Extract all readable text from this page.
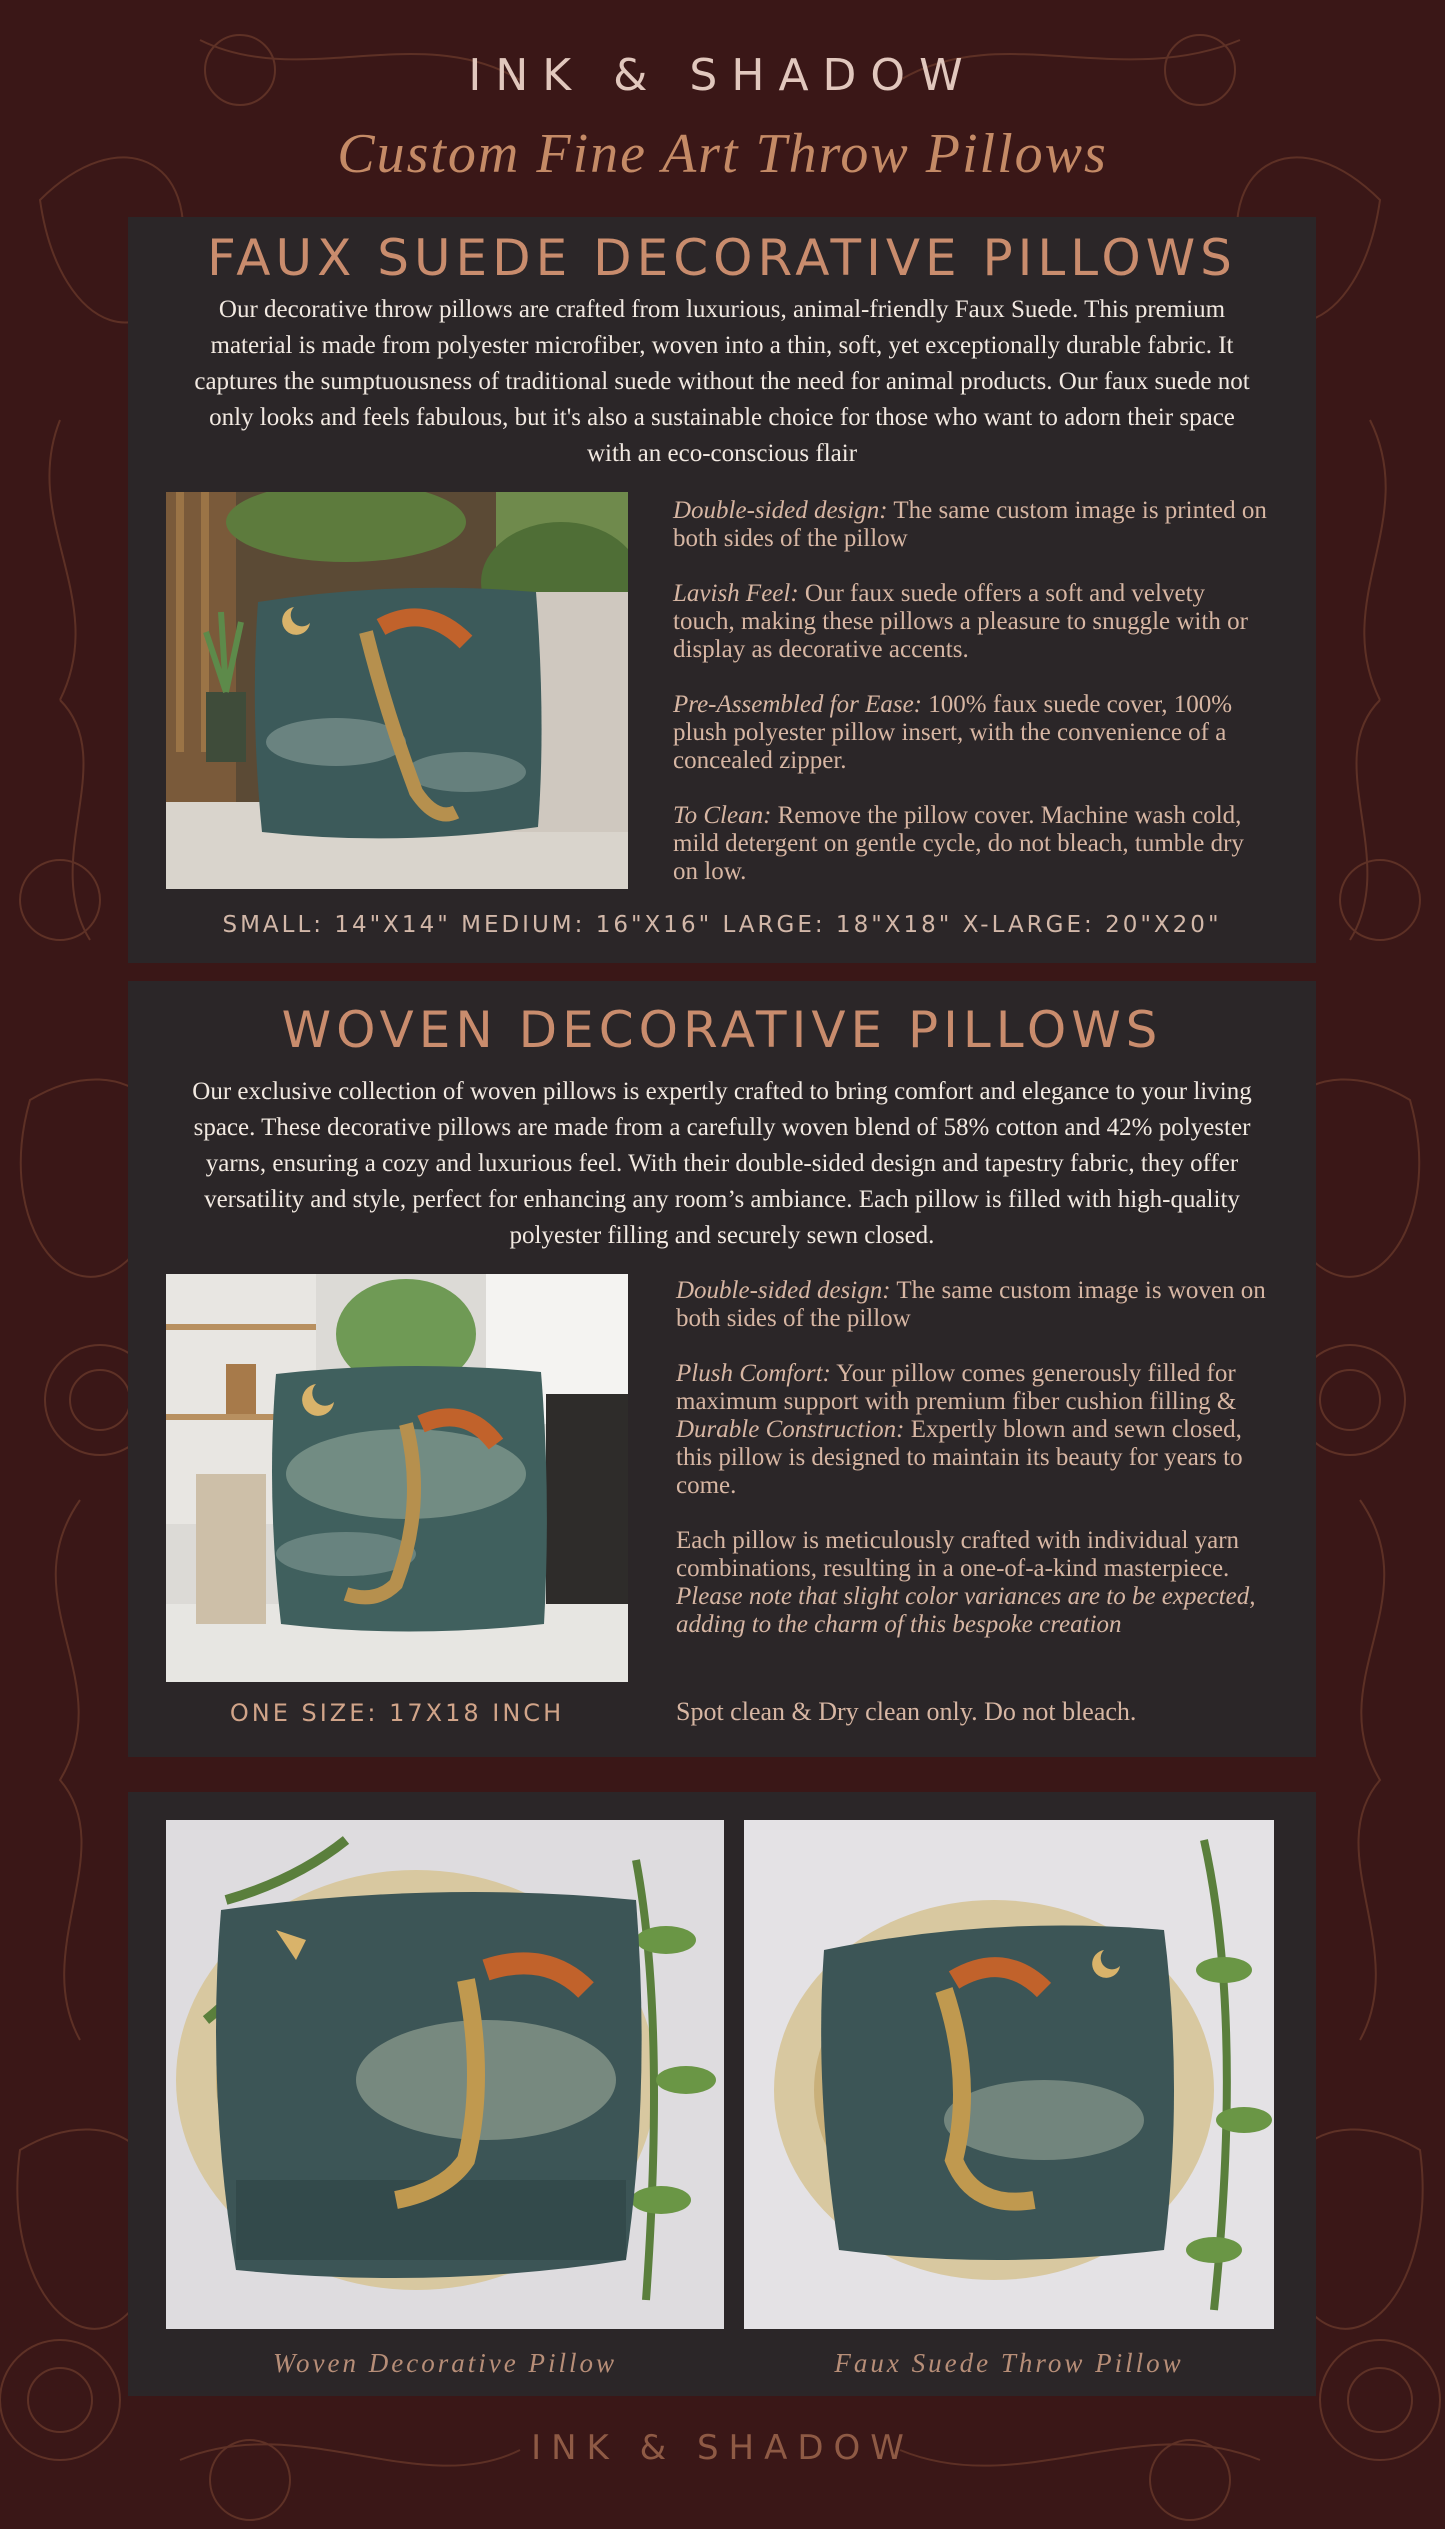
INK & SHADOW
Custom Fine Art Throw Pillows
FAUX SUEDE DECORATIVE PILLOWS

Our decorative throw pillows are crafted from luxurious, animal-friendly Faux Suede. This premium material is made from polyester microfiber, woven into a thin, soft, yet exceptionally durable fabric. It captures the sumptuousness of traditional suede without the need for animal products. Our faux suede not only looks and feels fabulous, but it's also a sustainable choice for those who want to adorn their space with an eco-conscious flair

Double-sided design: The same custom image is printed on both sides of the pillow

Lavish Feel: Our faux suede offers a soft and velvety touch, making these pillows a pleasure to snuggle with or display as decorative accents.

Pre-Assembled for Ease: 100% faux suede cover, 100% plush polyester pillow insert, with the convenience of a concealed zipper.

To Clean: Remove the pillow cover. Machine wash cold, mild detergent on gentle cycle, do not bleach, tumble dry on low.

SMALL: 14"X14" MEDIUM: 16"X16" LARGE: 18"X18" X-LARGE: 20"X20"
WOVEN DECORATIVE PILLOWS

Our exclusive collection of woven pillows is expertly crafted to bring comfort and elegance to your living space. These decorative pillows are made from a carefully woven blend of 58% cotton and 42% polyester yarns, ensuring a cozy and luxurious feel. With their double-sided design and tapestry fabric, they offer versatility and style, perfect for enhancing any room’s ambiance. Each pillow is filled with high-quality polyester filling and securely sewn closed.

Double-sided design: The same custom image is woven on both sides of the pillow

Plush Comfort: Your pillow comes generously filled for maximum support with premium fiber cushion filling & Durable Construction: Expertly blown and sewn closed, this pillow is designed to maintain its beauty for years to come.

Each pillow is meticulously crafted with individual yarn combinations, resulting in a one-of-a-kind masterpiece. Please note that slight color variances are to be expected, adding to the charm of this bespoke creation

ONE SIZE: 17X18 INCH	Spot clean & Dry clean only. Do not bleach.
Woven Decorative Pillow	Faux Suede Throw Pillow
INK & SHADOW
